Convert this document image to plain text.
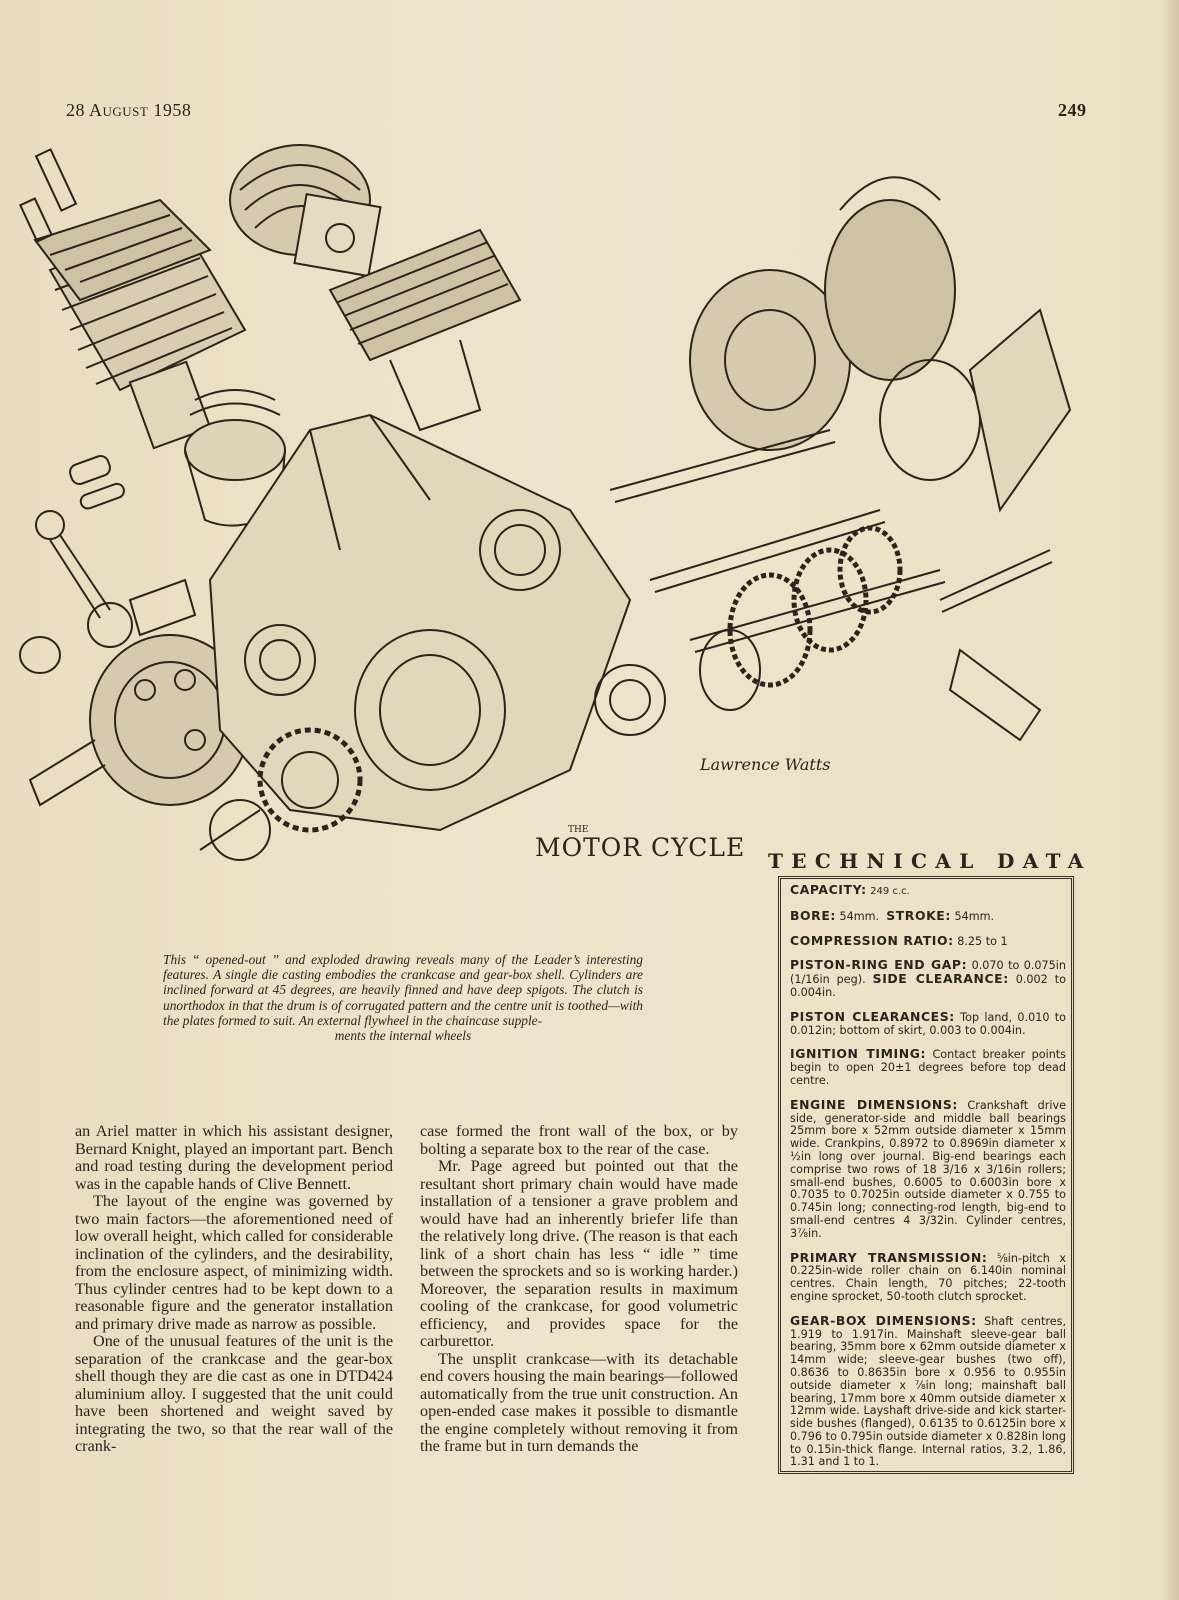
28 August 1958	249
Lawrence Watts
THE
MOTOR CYCLE
This “ opened-out ” and exploded drawing reveals many of the Leader’s interesting features. A single die casting embodies the crankcase and gear-box shell. Cylinders are inclined forward at 45 degrees, are heavily finned and have deep spigots. The clutch is unorthodox in that the drum is of corrugated pattern and the centre unit is toothed—with the plates formed to suit. An external flywheel in the chaincase supple-
ments the internal wheels
TECHNICAL DATA
CAPACITY: 249 c.c.
BORE: 54mm. STROKE: 54mm.
COMPRESSION RATIO: 8.25 to 1
PISTON-RING END GAP: 0.070 to 0.075in (1/16in peg). SIDE CLEARANCE: 0.002 to 0.004in.
PISTON CLEARANCES: Top land, 0.010 to 0.012in; bottom of skirt, 0.003 to 0.004in.
IGNITION TIMING: Contact breaker points begin to open 20±1 degrees before top dead centre.
ENGINE DIMENSIONS: Crankshaft drive side, generator-side and middle ball bearings 25mm bore x 52mm outside diameter x 15mm wide. Crankpins, 0.8972 to 0.8969in diameter x ½in long over journal. Big-end bearings each comprise two rows of 18 3/16 x 3/16in rollers; small-end bushes, 0.6005 to 0.6003in bore x 0.7035 to 0.7025in outside diameter x 0.755 to 0.745in long; connecting-rod length, big-end to small-end centres 4 3/32in. Cylinder centres, 3⅞in.
PRIMARY TRANSMISSION: ⅝in-pitch x 0.225in-wide roller chain on 6.140in nominal centres. Chain length, 70 pitches; 22-tooth engine sprocket, 50-tooth clutch sprocket.
GEAR-BOX DIMENSIONS: Shaft centres, 1.919 to 1.917in. Mainshaft sleeve-gear ball bearing, 35mm bore x 62mm outside diameter x 14mm wide; sleeve-gear bushes (two off), 0.8636 to 0.8635in bore x 0.956 to 0.955in outside diameter x ⅞in long; mainshaft ball bearing, 17mm bore x 40mm outside diameter x 12mm wide. Layshaft drive-side and kick starter-side bushes (flanged), 0.6135 to 0.6125in bore x 0.796 to 0.795in outside diameter x 0.828in long to 0.15in-thick flange. Internal ratios, 3.2, 1.86, 1.31 and 1 to 1.

an Ariel matter in which his assistant designer, Bernard Knight, played an important part. Bench and road testing during the development period was in the capable hands of Clive Bennett.

The layout of the engine was governed by two main factors—the aforementioned need of low overall height, which called for considerable inclination of the cylinders, and the desirability, from the enclosure aspect, of minimizing width. Thus cylinder centres had to be kept down to a reasonable figure and the generator installation and primary drive made as narrow as possible.

One of the unusual features of the unit is the separation of the crankcase and the gear-box shell though they are die cast as one in DTD424 aluminium alloy. I suggested that the unit could have been shortened and weight saved by integrating the two, so that the rear wall of the crank-

case formed the front wall of the box, or by bolting a separate box to the rear of the case.

Mr. Page agreed but pointed out that the resultant short primary chain would have made installation of a tensioner a grave problem and would have had an inherently briefer life than the relatively long drive. (The reason is that each link of a short chain has less “ idle ” time between the sprockets and so is working harder.) Moreover, the separation results in maximum cooling of the crankcase, for good volumetric efficiency, and provides space for the carburettor.

The unsplit crankcase—with its detachable end covers housing the main bearings—followed automatically from the true unit construction. An open-ended case makes it possible to dismantle the engine completely without removing it from the frame but in turn demands the
